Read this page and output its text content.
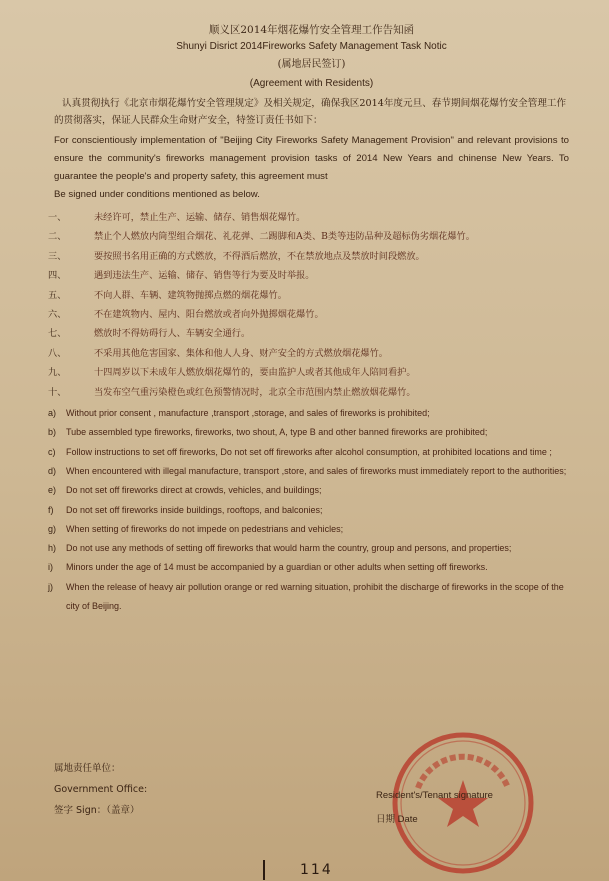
顺义区2014年烟花爆竹安全管理工作告知函
Shunyi Disrict 2014Fireworks Safety Management Task Notic
(属地居民签订)
(Agreement with Residents)

认真贯彻执行《北京市烟花爆竹安全管理规定》及相关规定，确保我区2014年度元旦、春节期间烟花爆竹安全管理工作的贯彻落实，保证人民群众生命财产安全，特签订责任书如下：

For conscientiously implementation of "Beijing City Fireworks Safety Management Provision" and relevant provisions to ensure the community's fireworks management provision tasks of 2014 New Years and chinense New Years. To guarantee the people's and property safety, this agreement must
Be signed under conditions mentioned as below.

一、	未经许可，禁止生产、运输、储存、销售烟花爆竹。
二、	禁止个人燃放内筒型组合烟花、礼花弹、二踢脚和A类、B类等违防品种及超标伪劣烟花爆竹。
三、	要按照书名用正确的方式燃放，不得酒后燃放，不在禁放地点及禁放时间段燃放。
四、	遇到违法生产、运输、储存、销售等行为要及时举报。
五、	不向人群、车辆、建筑物抛掷点燃的烟花爆竹。
六、	不在建筑物内、屋内、阳台燃放或者向外抛掷烟花爆竹。
七、	燃放时不得妨碍行人、车辆安全通行。
八、	不采用其他危害国家、集体和他人人身、财产安全的方式燃放烟花爆竹。
九、	十四周岁以下未成年人燃放烟花爆竹的，要由监护人或者其他成年人陪同看护。
十、	当发布空气重污染橙色或红色预警情况时，北京全市范围内禁止燃放烟花爆竹。
a)	Without prior consent , manufacture ,transport ,storage, and sales of fireworks is prohibited;
b)	Tube assembled type fireworks, fireworks, two shout, A, type B and other banned fireworks are prohibited;
c)	Follow instructions to set off fireworks, Do not set off fireworks after alcohol consumption, at prohibited locations and time ;
d)	When encountered with illegal manufacture, transport ,store, and sales of fireworks must immediately report to the authorities;
e)	Do not set off fireworks direct at crowds, vehicles, and buildings;
f)	Do not set off fireworks inside buildings, rooftops, and balconies;
g)	When setting of fireworks do not impede on pedestrians and vehicles;
h)	Do not use any methods of setting off fireworks that would harm the country, group and persons, and properties;
i)	Minors under the age of 14 must be accompanied by a guardian or other adults when setting off fireworks.
j)	When the release of heavy air pollution orange or red warning situation, prohibit the discharge of fireworks in the scope of the city of Beijing.
属地责任单位：
Government Office:
签字 Sign：（盖章）
Resident's/Tenant signature
日期 Date
114
